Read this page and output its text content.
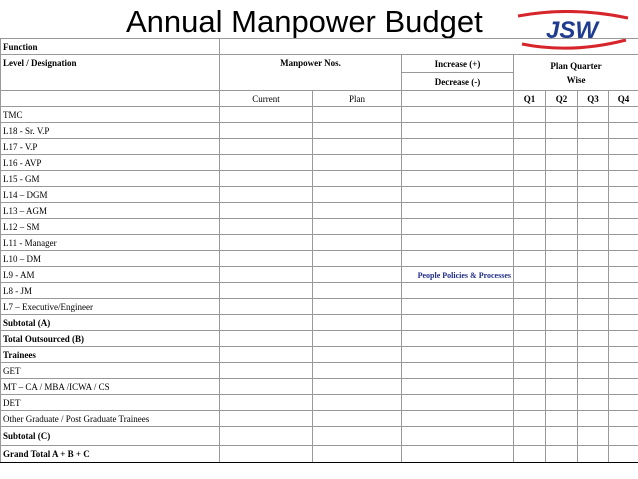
Annual Manpower Budget	JSW
Function							
Level / Designation	Manpower Nos.		Increase (+)	Plan Quarter
Wise			

			Decrease (-)				
	Current	Plan		Q1	Q2	Q3	Q4
TMC							
L18 - Sr. V.P							
L17 - V.P							
L16 - AVP							
L15 - GM							
L14 – DGM							
L13 – AGM							
L12 – SM							
L11 - Manager							
L10 – DM							
L9 - AM			People Policies & Processes				
L8 - JM							
L7 – Executive/Engineer							
Subtotal (A)							
Total Outsourced (B)							
Trainees							
GET							
MT – CA / MBA /ICWA / CS							
DET							
Other Graduate / Post Graduate Trainees							
Subtotal (C)							
Grand Total A + B + C							
